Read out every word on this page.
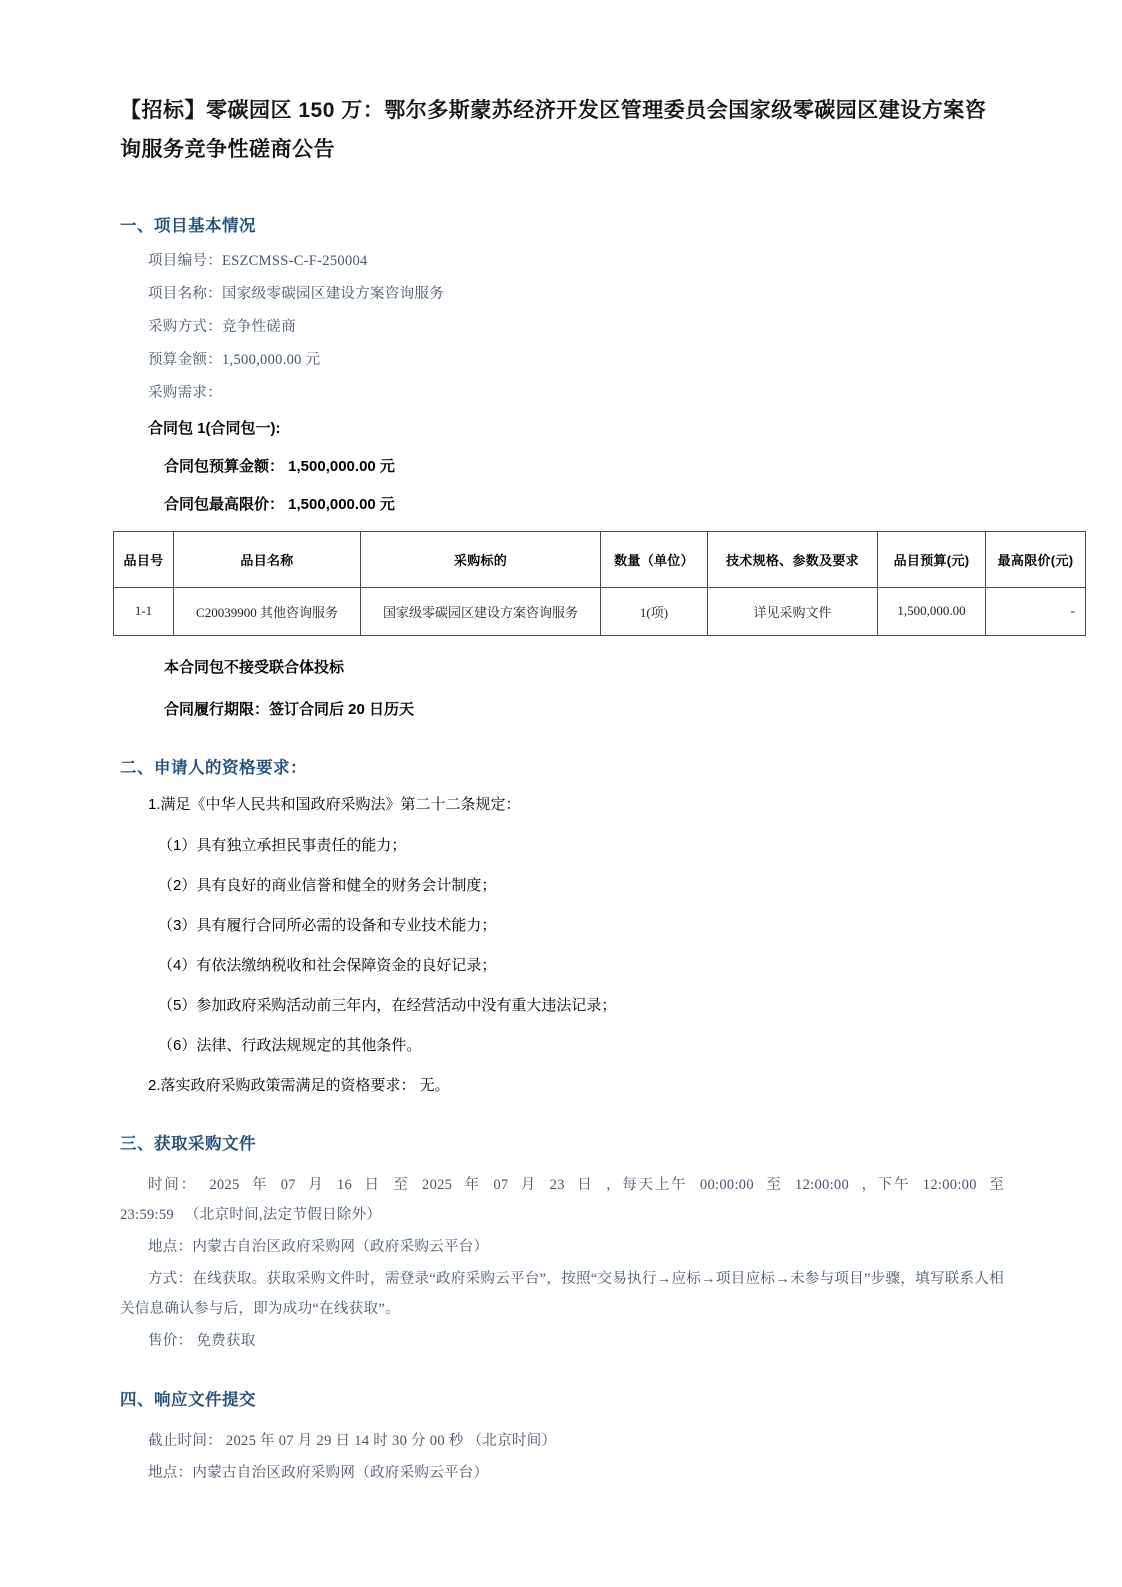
【招标】零碳园区 150 万：鄂尔多斯蒙苏经济开发区管理委员会国家级零碳园区建设方案咨询服务竞争性磋商公告
一、项目基本情况

项目编号：ESZCMSS-C-F-250004

项目名称：国家级零碳园区建设方案咨询服务

采购方式：竞争性磋商

预算金额：1,500,000.00 元

采购需求：

合同包 1(合同包一):

合同包预算金额： 1,500,000.00 元

合同包最高限价： 1,500,000.00 元

品目号	品目名称	采购标的	数量（单位）	技术规格、参数及要求	品目预算(元)	最高限价(元)
1-1	C20039900 其他咨询服务	国家级零碳园区建设方案咨询服务	1(项)	详见采购文件	1,500,000.00	-

本合同包不接受联合体投标

合同履行期限：签订合同后 20 日历天

二、申请人的资格要求：

1.满足《中华人民共和国政府采购法》第二十二条规定：

（1）具有独立承担民事责任的能力；

（2）具有良好的商业信誉和健全的财务会计制度；

（3）具有履行合同所必需的设备和专业技术能力；

（4）有依法缴纳税收和社会保障资金的良好记录；

（5）参加政府采购活动前三年内，在经营活动中没有重大违法记录；

（6）法律、行政法规规定的其他条件。

2.落实政府采购政策需满足的资格要求： 无。

三、获取采购文件

时间： 2025 年 07 月 16 日 至 2025 年 07 月 23 日 ，每天上午 00:00:00 至 12:00:00 ，下午 12:00:00 至 23:59:59 （北京时间,法定节假日除外）

地点：内蒙古自治区政府采购网（政府采购云平台）

方式：在线获取。获取采购文件时，需登录“政府采购云平台”，按照“交易执行→应标→项目应标→未参与项目”步骤，填写联系人相关信息确认参与后，即为成功“在线获取”。

售价： 免费获取

四、响应文件提交

截止时间： 2025 年 07 月 29 日 14 时 30 分 00 秒 （北京时间）

地点：内蒙古自治区政府采购网（政府采购云平台）
